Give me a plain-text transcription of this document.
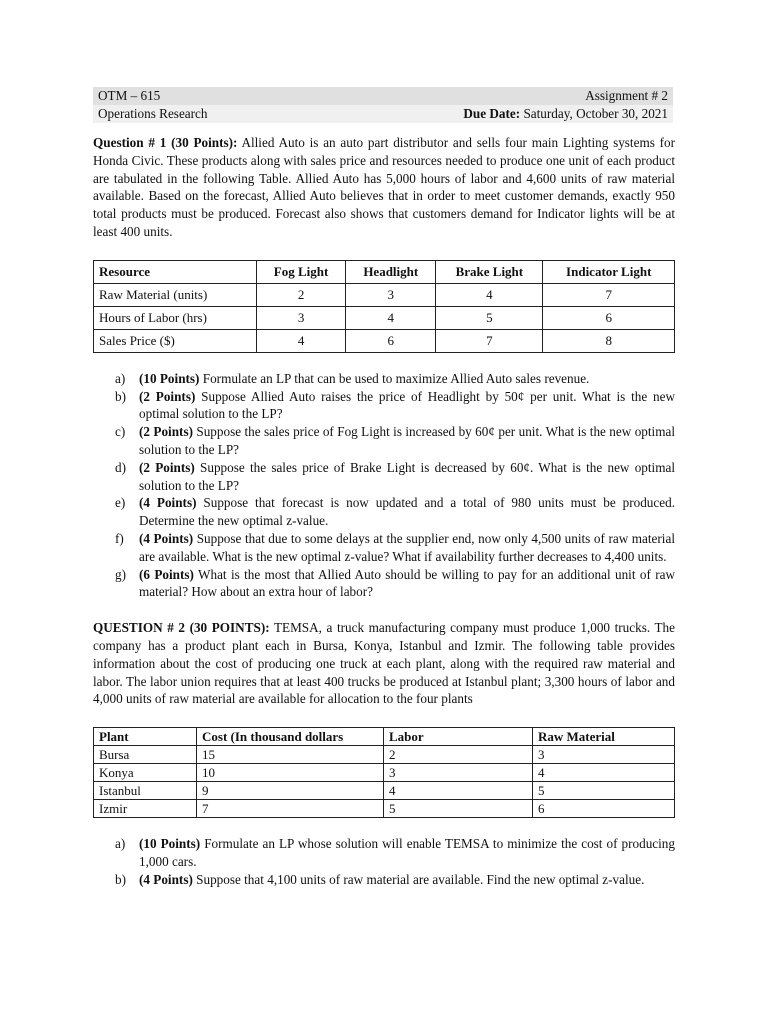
OTM – 615	Assignment # 2
Operations Research	Due Date: Saturday, October 30, 2021

Question # 1 (30 Points): Allied Auto is an auto part distributor and sells four main Lighting systems for Honda Civic. These products along with sales price and resources needed to produce one unit of each product are tabulated in the following Table. Allied Auto has 5,000 hours of labor and 4,600 units of raw material available. Based on the forecast, Allied Auto believes that in order to meet customer demands, exactly 950 total products must be produced. Forecast also shows that customers demand for Indicator lights will be at least 400 units.

Resource	Fog Light	Headlight	Brake Light	Indicator Light
Raw Material (units)	2	3	4	7
Hours of Labor (hrs)	3	4	5	6
Sales Price ($)	4	6	7	8
a)	(10 Points) Formulate an LP that can be used to maximize Allied Auto sales revenue.
b) (2 Points) Suppose Allied Auto raises the price of Headlight by 50¢ per unit. What is the new optimal solution to the LP?
c)	(2 Points) Suppose the sales price of Fog Light is increased by 60¢ per unit. What is the new optimal solution to the LP?
d) (2 Points) Suppose the sales price of Brake Light is decreased by 60¢. What is the new optimal solution to the LP?
e)	(4 Points) Suppose that forecast is now updated and a total of 980 units must be produced. Determine the new optimal z-value.
f)	(4 Points) Suppose that due to some delays at the supplier end, now only 4,500 units of raw material are available. What is the new optimal z-value? What if availability further decreases to 4,400 units.
g) (6 Points) What is the most that Allied Auto should be willing to pay for an additional unit of raw material? How about an extra hour of labor?

QUESTION # 2 (30 POINTS): TEMSA, a truck manufacturing company must produce 1,000 trucks. The company has a product plant each in Bursa, Konya, Istanbul and Izmir. The following table provides information about the cost of producing one truck at each plant, along with the required raw material and labor. The labor union requires that at least 400 trucks be produced at Istanbul plant; 3,300 hours of labor and 4,000 units of raw material are available for allocation to the four plants

Plant	Cost (In thousand dollars	Labor	Raw Material
Bursa	15	2	3
Konya	10	3	4
Istanbul	9	4	5
Izmir	7	5	6
a)	(10 Points) Formulate an LP whose solution will enable TEMSA to minimize the cost of producing 1,000 cars.
b) (4 Points) Suppose that 4,100 units of raw material are available. Find the new optimal z-value.
